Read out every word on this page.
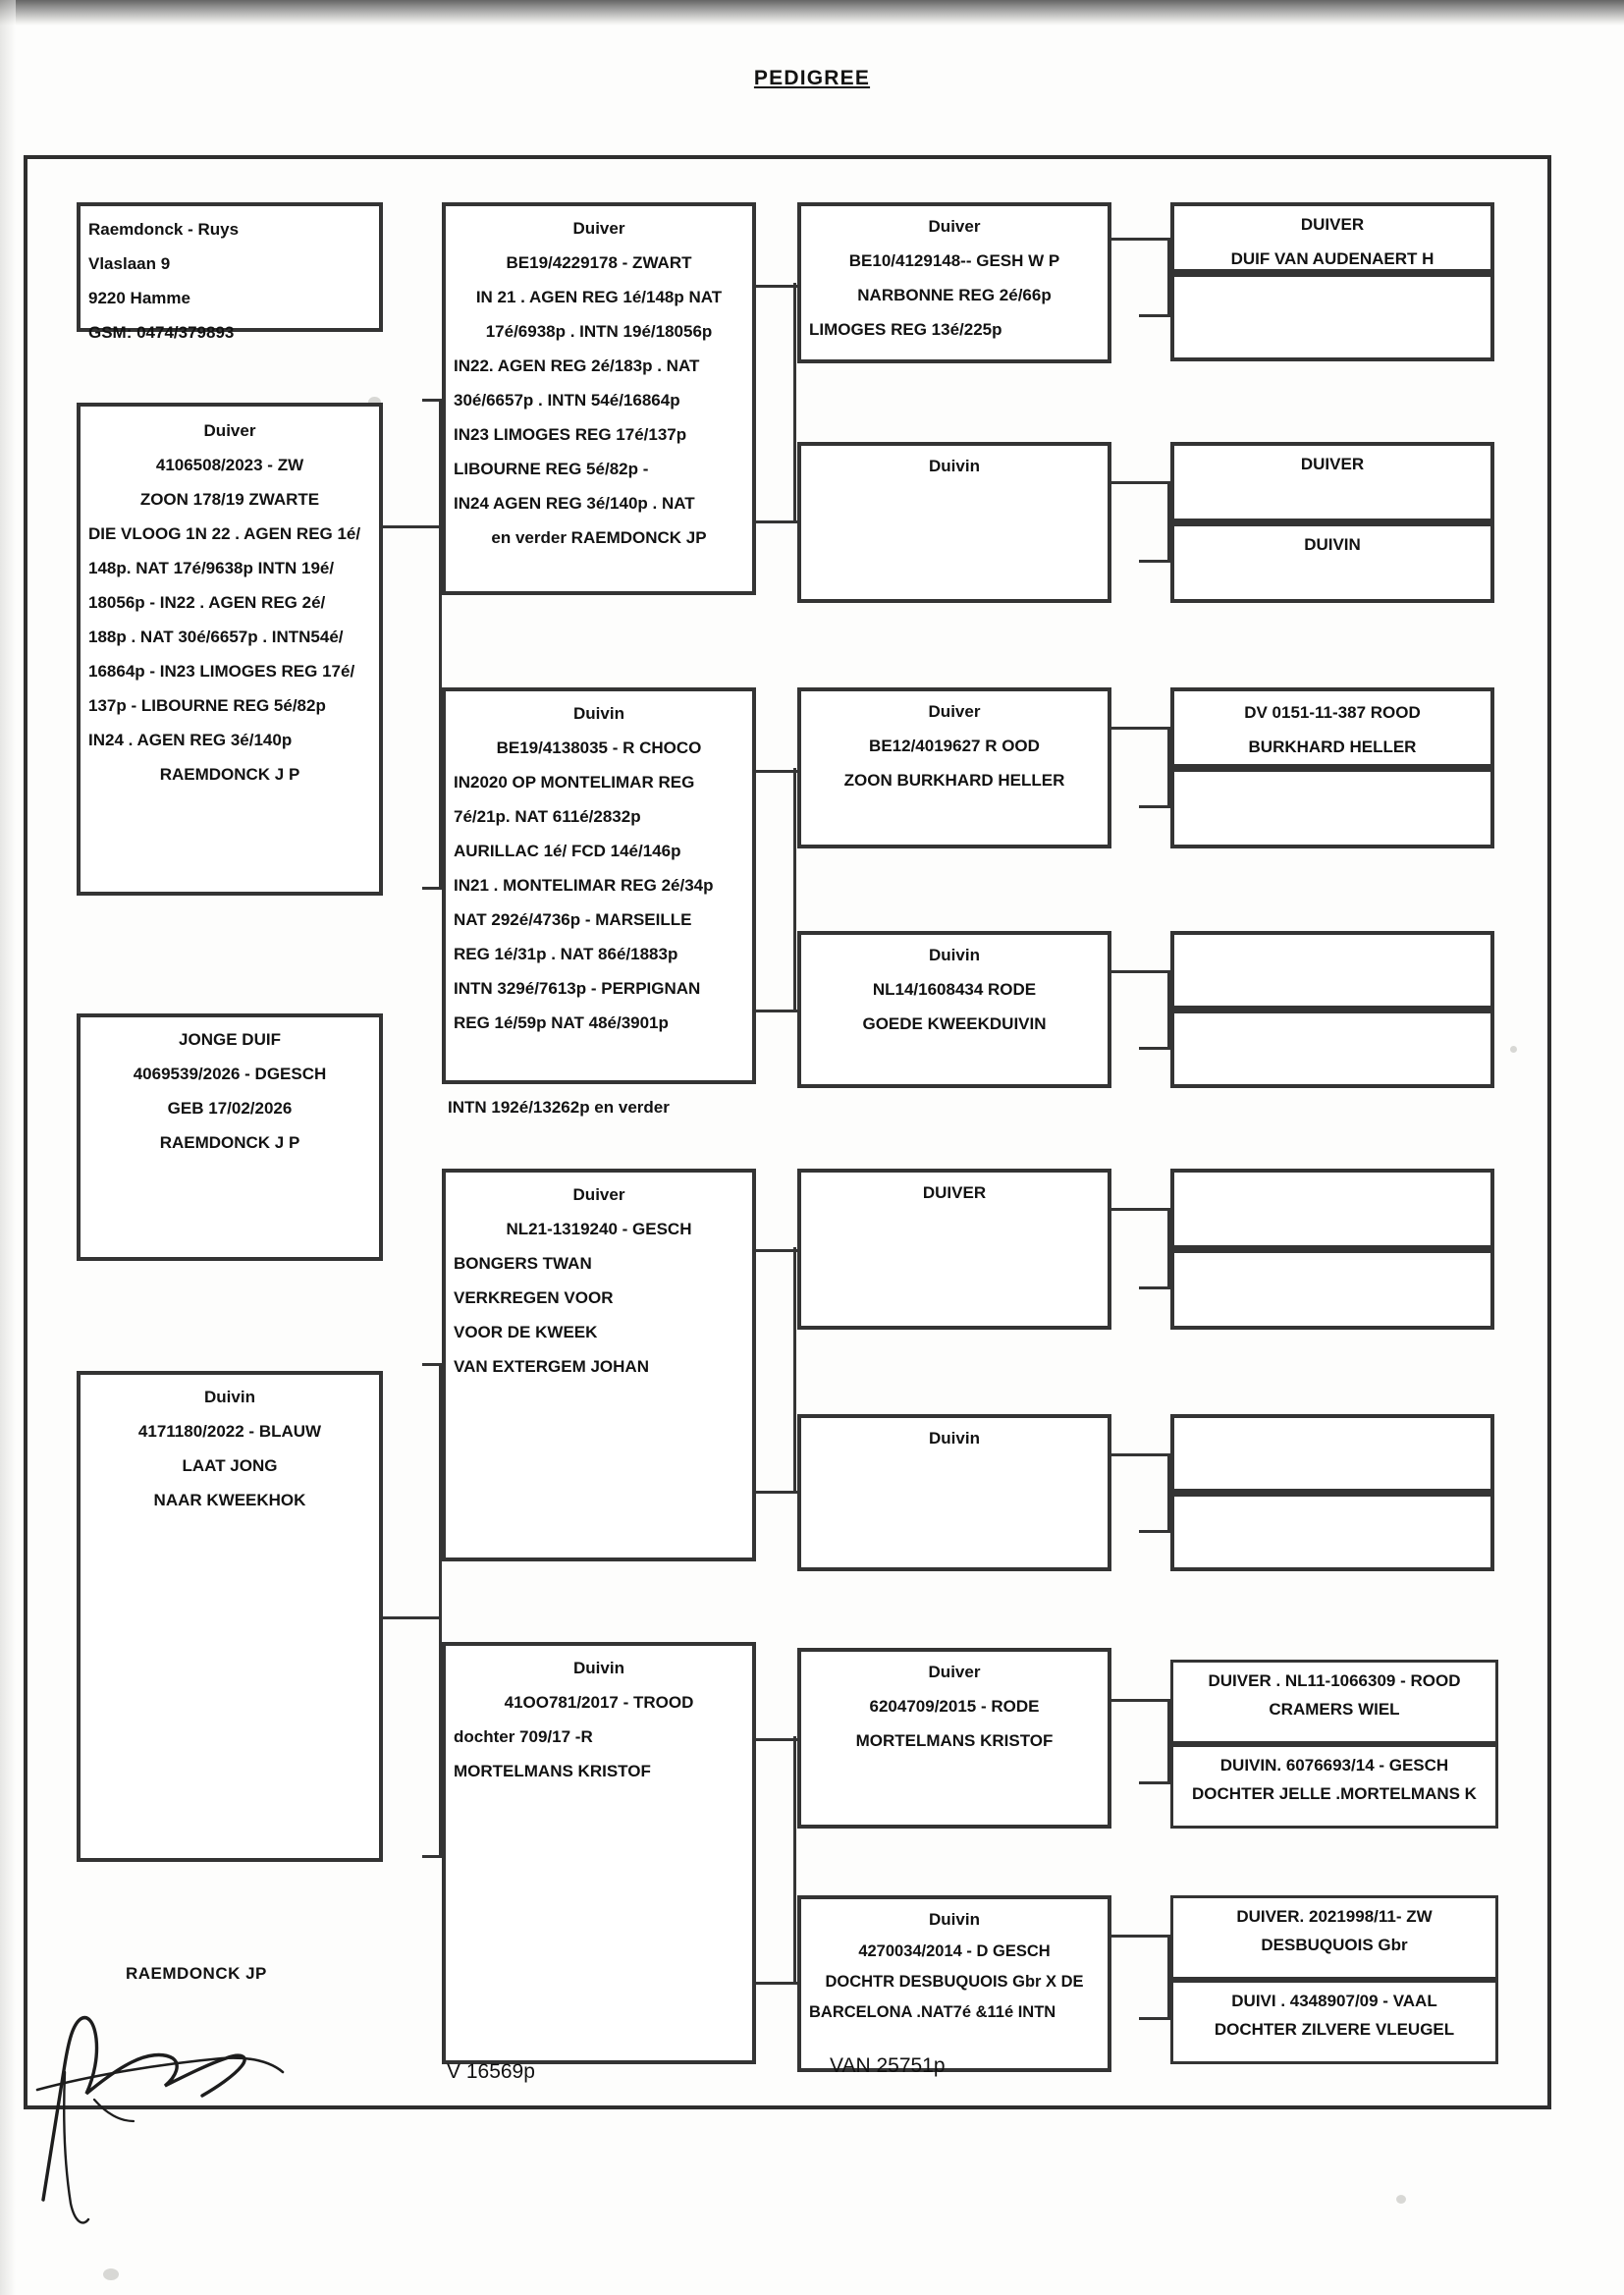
PEDIGREE
Raemdonck - Ruys
Vlaslaan 9
9220 Hamme
GSM: 0474/379893
Duiver
4106508/2023 - ZW
ZOON 178/19 ZWARTE
DIE VLOOG 1N 22 . AGEN REG 1é/
148p. NAT 17é/9638p INTN 19é/
18056p - IN22 . AGEN REG 2é/
188p . NAT 30é/6657p . INTN54é/
16864p - IN23 LIMOGES REG 17é/
137p - LIBOURNE REG 5é/82p
IN24 . AGEN REG 3é/140p
RAEMDONCK J P
JONGE DUIF
4069539/2026 - DGESCH
GEB 17/02/2026
RAEMDONCK J P
Duivin
4171180/2022 - BLAUW
LAAT JONG
NAAR KWEEKHOK
Duiver
BE19/4229178 - ZWART
IN 21 . AGEN REG 1é/148p NAT
17é/6938p . INTN 19é/18056p
IN22. AGEN REG 2é/183p . NAT
30é/6657p . INTN 54é/16864p
IN23 LIMOGES REG 17é/137p
LIBOURNE REG 5é/82p -
IN24 AGEN REG 3é/140p . NAT
en verder RAEMDONCK JP
Duivin
BE19/4138035 - R CHOCO
IN2020 OP MONTELIMAR REG
7é/21p. NAT 611é/2832p
AURILLAC 1é/ FCD 14é/146p
IN21 . MONTELIMAR REG 2é/34p
NAT 292é/4736p - MARSEILLE
REG 1é/31p . NAT 86é/1883p
INTN 329é/7613p - PERPIGNAN
REG 1é/59p NAT 48é/3901p
INTN 192é/13262p en verder
Duiver
NL21-1319240 - GESCH
BONGERS TWAN
VERKREGEN VOOR
VOOR DE KWEEK
VAN EXTERGEM JOHAN
Duivin
41OO781/2017 - TROOD
dochter 709/17 -R
MORTELMANS KRISTOF
Duiver
BE10/4129148-- GESH W P
NARBONNE REG 2é/66p
LIMOGES REG 13é/225p
Duivin
Duiver
BE12/4019627 R OOD
ZOON BURKHARD HELLER
Duivin
NL14/1608434 RODE
GOEDE KWEEKDUIVIN
DUIVER
Duivin
Duiver
6204709/2015 - RODE
MORTELMANS KRISTOF
Duivin
4270034/2014 - D GESCH
DOCHTR DESBUQUOIS Gbr X DE
BARCELONA .NAT7é &11é INTN
DUIVER
DUIF VAN AUDENAERT H
DUIVER
DUIVIN
DV 0151-11-387 ROOD
BURKHARD HELLER
DUIVER . NL11-1066309 - ROOD
CRAMERS WIEL
DUIVIN. 6076693/14 - GESCH
DOCHTER JELLE .MORTELMANS K
DUIVER. 2021998/11- ZW
DESBUQUOIS Gbr
DUIVI . 4348907/09 - VAAL
DOCHTER ZILVERE VLEUGEL
RAEMDONCK JP
V 16569p	VAN 25751p
